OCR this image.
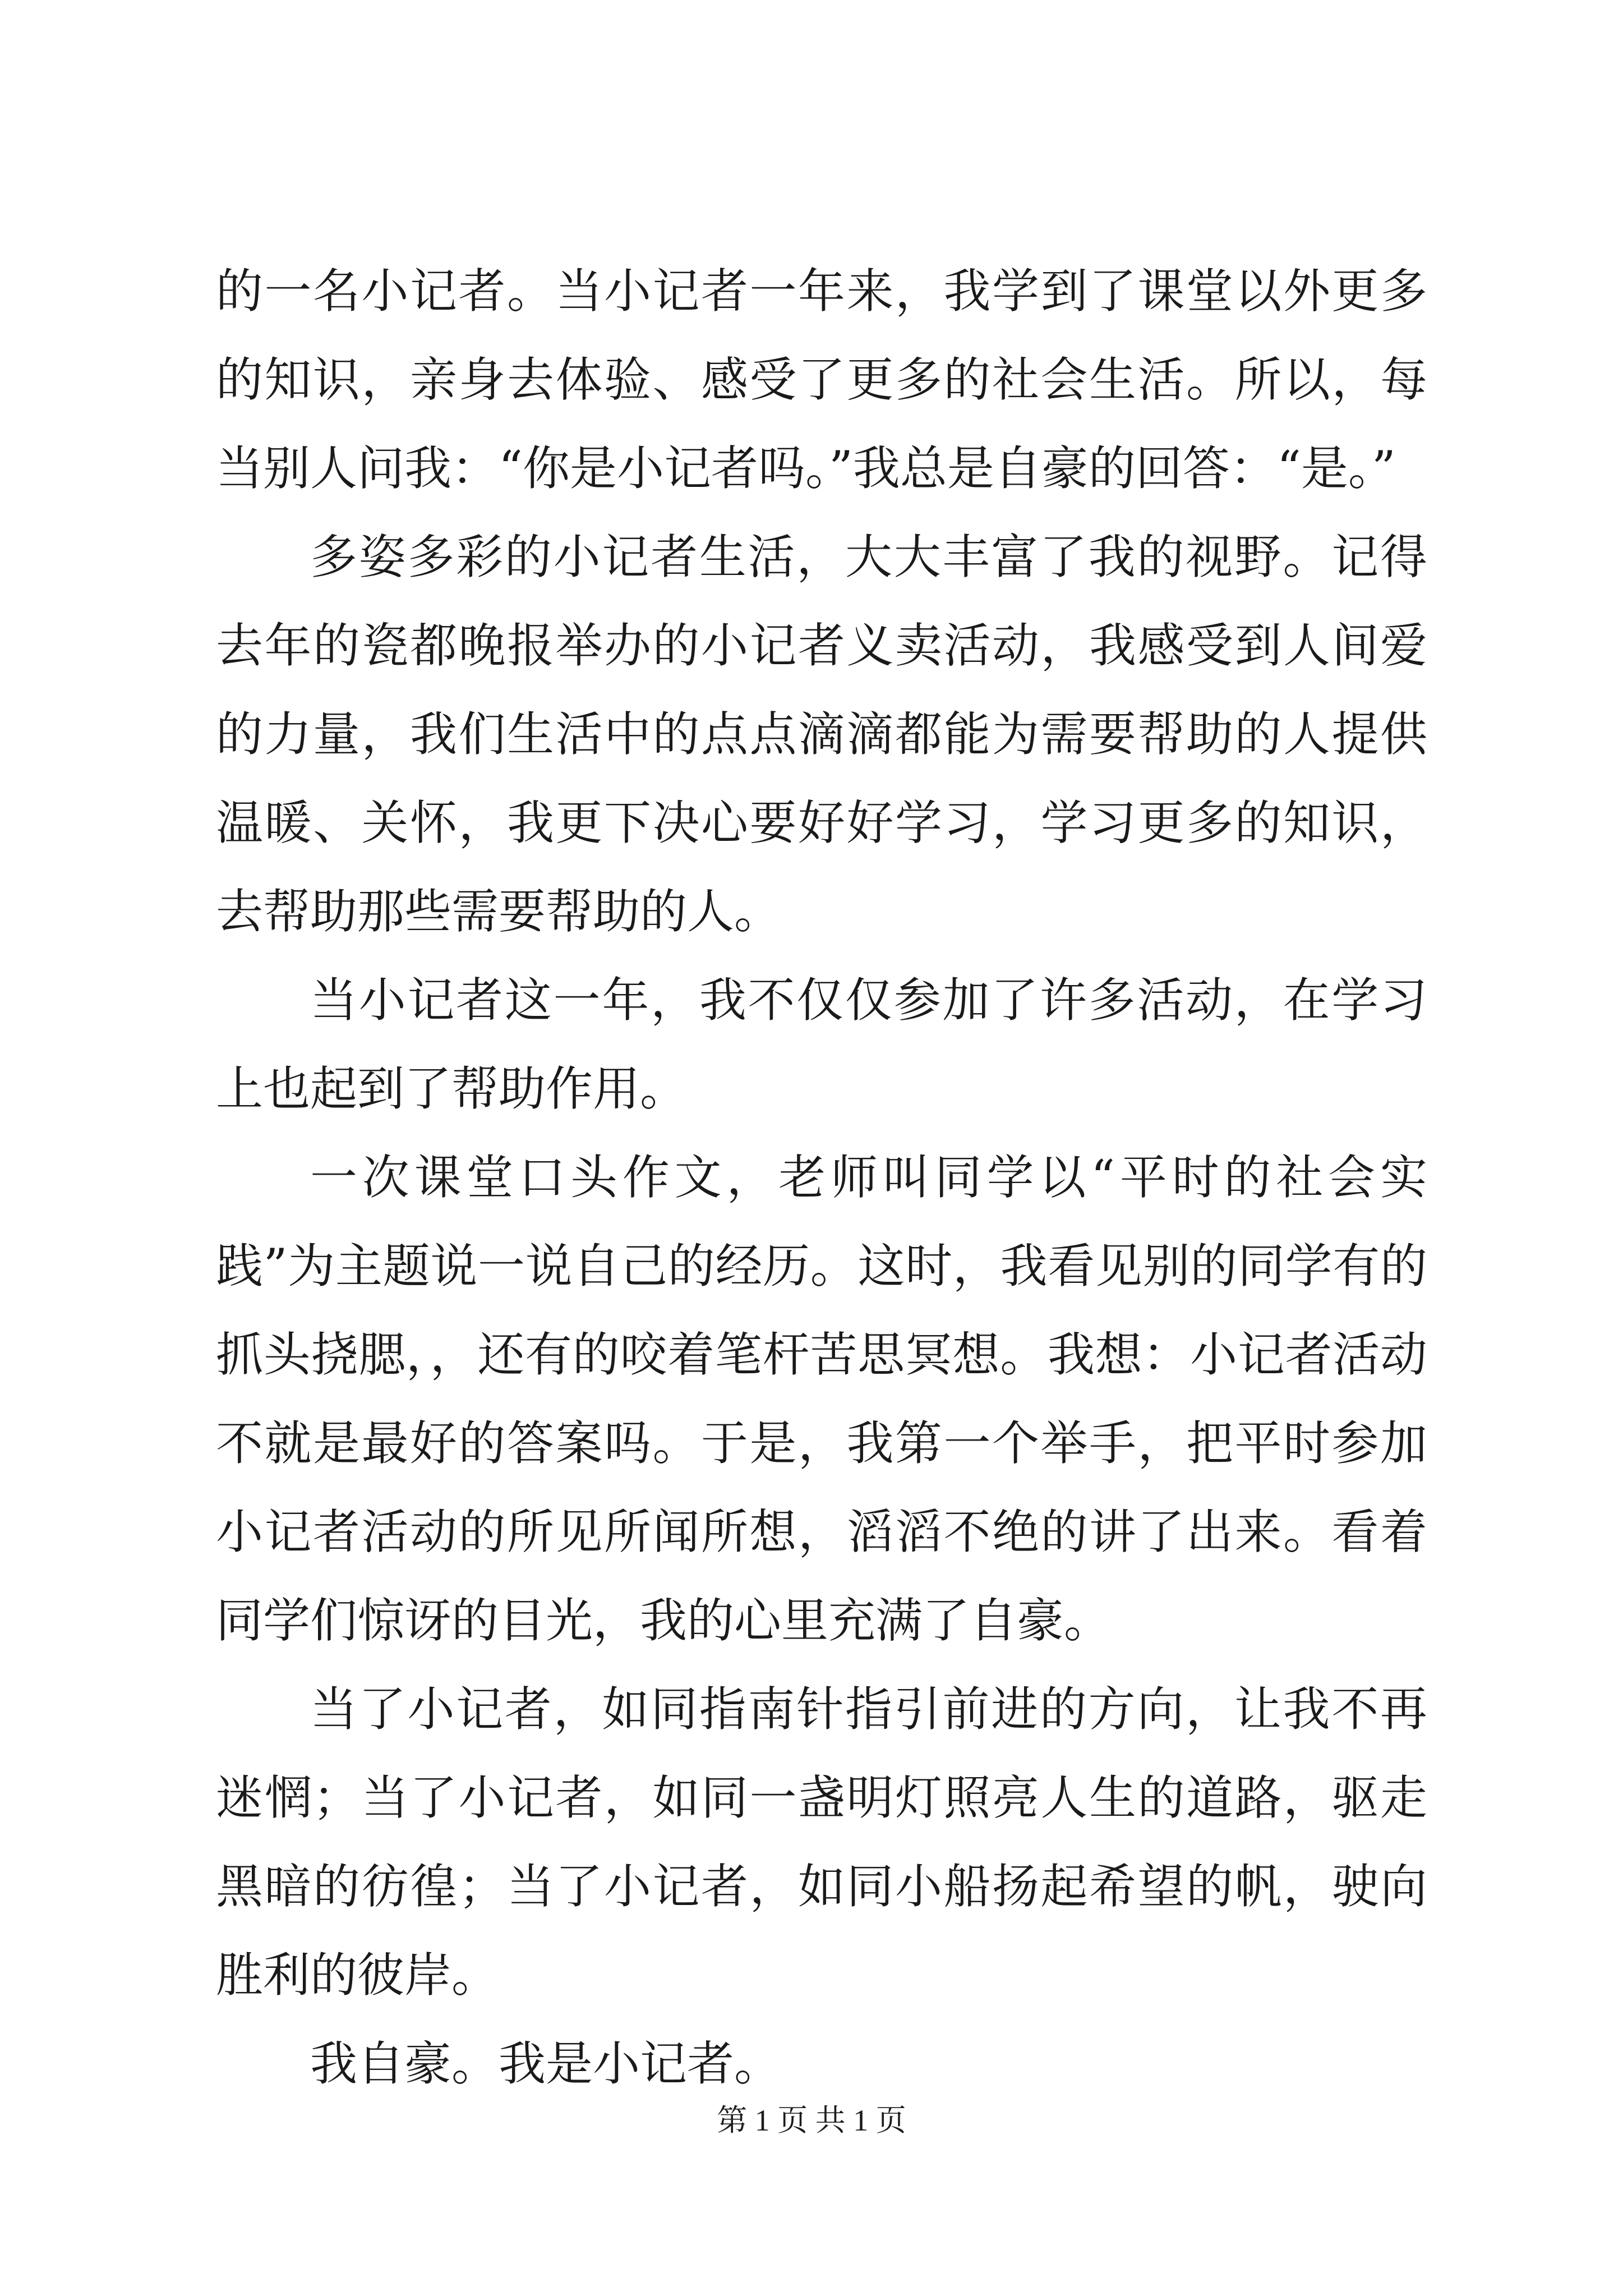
的一名小记者。当小记者一年来，我学到了课堂以外更多的知识，亲身去体验、感受了更多的社会生活。所以，每当别人问我：“你是小记者吗。”我总是自豪的回答：“是。”

多姿多彩的小记者生活，大大丰富了我的视野。记得去年的瓷都晚报举办的小记者义卖活动，我感受到人间爱的力量，我们生活中的点点滴滴都能为需要帮助的人提供温暖、关怀，我更下决心要好好学习，学习更多的知识，去帮助那些需要帮助的人。

当小记者这一年，我不仅仅参加了许多活动，在学习上也起到了帮助作用。

一次课堂口头作文，老师叫同学以“平时的社会实践”为主题说一说自己的经历。这时，我看见别的同学有的抓头挠腮，，还有的咬着笔杆苦思冥想。我想：小记者活动不就是最好的答案吗。于是，我第一个举手，把平时参加小记者活动的所见所闻所想，滔滔不绝的讲了出来。看着同学们惊讶的目光，我的心里充满了自豪。

当了小记者，如同指南针指引前进的方向，让我不再迷惘；当了小记者，如同一盏明灯照亮人生的道路，驱走黑暗的彷徨；当了小记者，如同小船扬起希望的帆，驶向胜利的彼岸。

我自豪。我是小记者。

第 1 页 共 1 页
